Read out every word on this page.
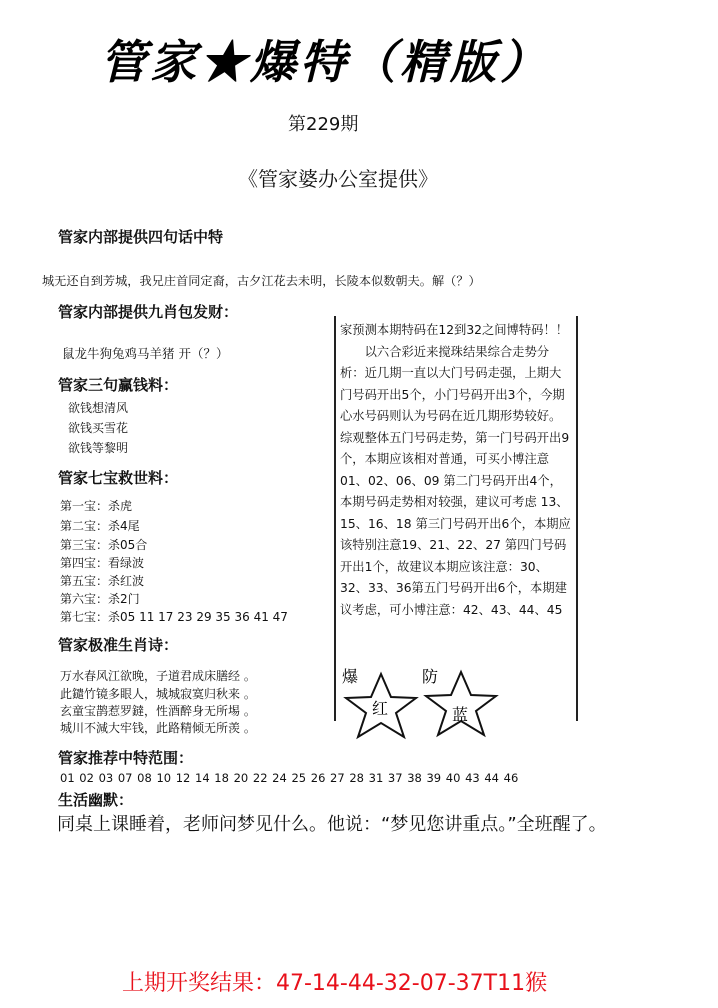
管家★爆特（精版）
第229期
《管家婆办公室提供》
管家内部提供四句话中特
城无还自到芳城，我兄庄首同定裔，古夕江花去未明，长陵本似数朝夫。解（？）
管家内部提供九肖包发财：
鼠龙牛狗兔鸡马羊猪 开（？）
管家三句赢钱料：
欲钱想清风
欲钱买雪花
欲钱等黎明
管家七宝救世料：
第一宝：杀虎
第二宝：杀4尾
第三宝：杀05合
第四宝：看绿波
第五宝：杀红波
第六宝：杀2门
第七宝：杀05 11 17 23 29 35 36 41 47
管家极准生肖诗：
万水春风江欲晚，子道君成床膳经 。
此鑓竹镜多眼人，城城寂寞归秋来 。
玄童宝鹊惹罗鐽，性酒醉身无所埸 。
城川不減大牢钱，此路精倾无所羡 。
管家推荐中特范围：
01 02 03 07 08 10 12 14 18 20 22 24 25 26 27 28 31 37 38 39 40 43 44 46
生活幽默：
同桌上课睡着，老师问梦见什么。他说：“梦见您讲重点。”全班醒了。
家预测本期特码在12到32之间博特码！！
以六合彩近来搅珠结果综合走势分析：近几期一直以大门号码走强，上期大门号码开出5个，小门号码开出3个，今期心水号码则认为号码在近几期形势较好。综观整体五门号码走势，第一门号码开出9个，本期应该相对普通，可买小博注意 01、02、06、09 第二门号码开出4个，本期号码走势相对较强，建议可考虑 13、15、16、18 第三门号码开出6个，本期应该特别注意19、21、22、27 第四门号码开出1个，故建议本期应该注意：30、32、33、36第五门号码开出6个，本期建议考虑，可小博注意：42、43、44、45
爆
红
防
蓝
上期开奖结果：47-14-44-32-07-37T11猴
